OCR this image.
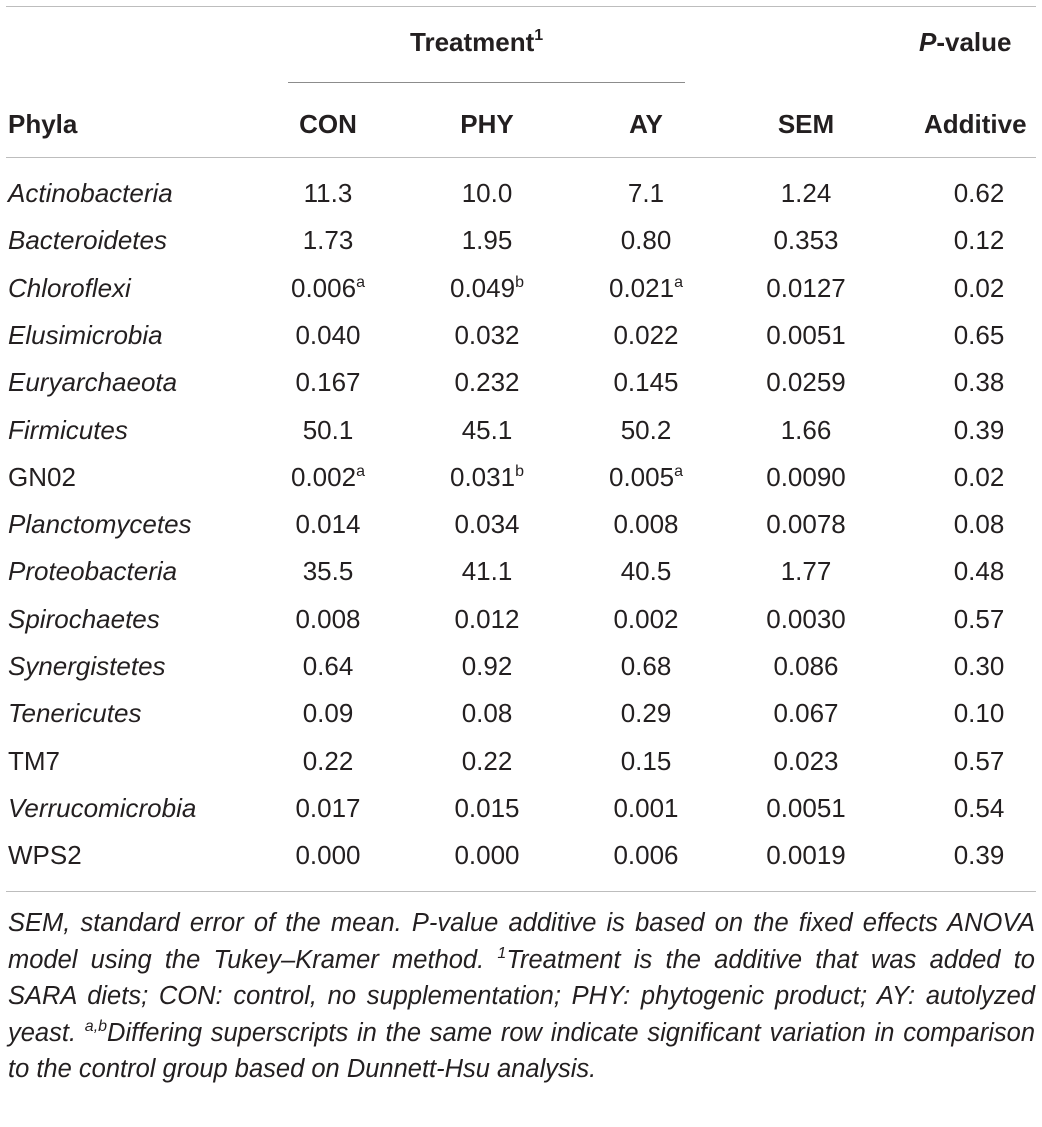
Treatment$^1$	P-value
Phyla	CON	PHY	AY	SEM	Additive
Actinobacteria	11.3	10.0	7.1	1.24	0.62
Bacteroidetes	1.73	1.95	0.80	0.353	0.12
Chloroflexi	0.006$^a$	0.049$^b$	0.021$^a$	0.0127	0.02
Elusimicrobia	0.040	0.032	0.022	0.0051	0.65
Euryarchaeota	0.167	0.232	0.145	0.0259	0.38
Firmicutes	50.1	45.1	50.2	1.66	0.39
GN02	0.002$^a$	0.031$^b$	0.005$^a$	0.0090	0.02
Planctomycetes	0.014	0.034	0.008	0.0078	0.08
Proteobacteria	35.5	41.1	40.5	1.77	0.48
Spirochaetes	0.008	0.012	0.002	0.0030	0.57
Synergistetes	0.64	0.92	0.68	0.086	0.30
Tenericutes	0.09	0.08	0.29	0.067	0.10
TM7	0.22	0.22	0.15	0.023	0.57
Verrucomicrobia	0.017	0.015	0.001	0.0051	0.54
WPS2	0.000	0.000	0.006	0.0019	0.39
SEM, standard error of the mean. P-value additive is based on the fixed effects ANOVA model using the Tukey–Kramer method. $^1$Treatment is the additive that was added to SARA diets; CON: control, no supplementation; PHY: phytogenic product; AY: autolyzed yeast. $^{a,b}$Differing superscripts in the same row indicate significant variation in comparison to the control group based on Dunnett-Hsu analysis.
